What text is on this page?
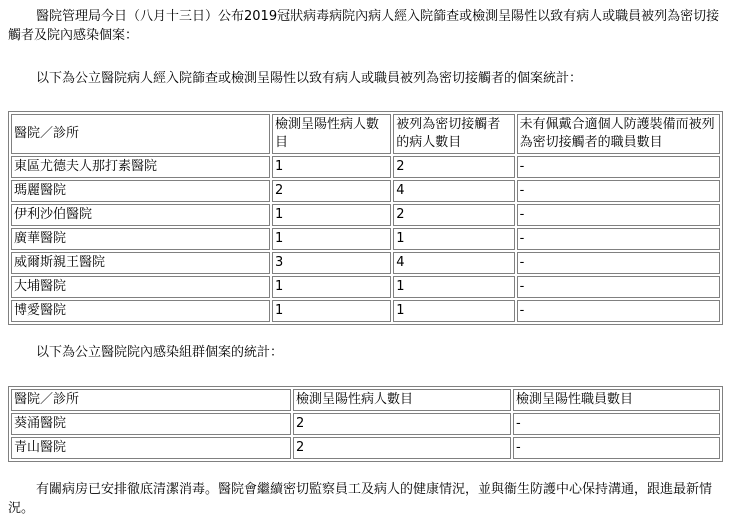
醫院管理局今日（八月十三日）公布2019冠狀病毒病院內病人經入院篩查或檢測呈陽性以致有病人或職員被列為密切接觸者及院內感染個案：

以下為公立醫院病人經入院篩查或檢測呈陽性以致有病人或職員被列為密切接觸者的個案統計：

醫院／診所	檢測呈陽性病人數目	被列為密切接觸者的病人數目	未有佩戴合適個人防護裝備而被列為密切接觸者的職員數目
東區尤德夫人那打素醫院	1	2	-
瑪麗醫院	2	4	-
伊利沙伯醫院	1	2	-
廣華醫院	1	1	-
威爾斯親王醫院	3	4	-
大埔醫院	1	1	-
博愛醫院	1	1	-

以下為公立醫院院內感染組群個案的統計：

醫院／診所	檢測呈陽性病人數目	檢測呈陽性職員數目
葵涌醫院	2	-
青山醫院	2	-

有關病房已安排徹底清潔消毒。醫院會繼續密切監察員工及病人的健康情況，並與衞生防護中心保持溝通，跟進最新情況。
